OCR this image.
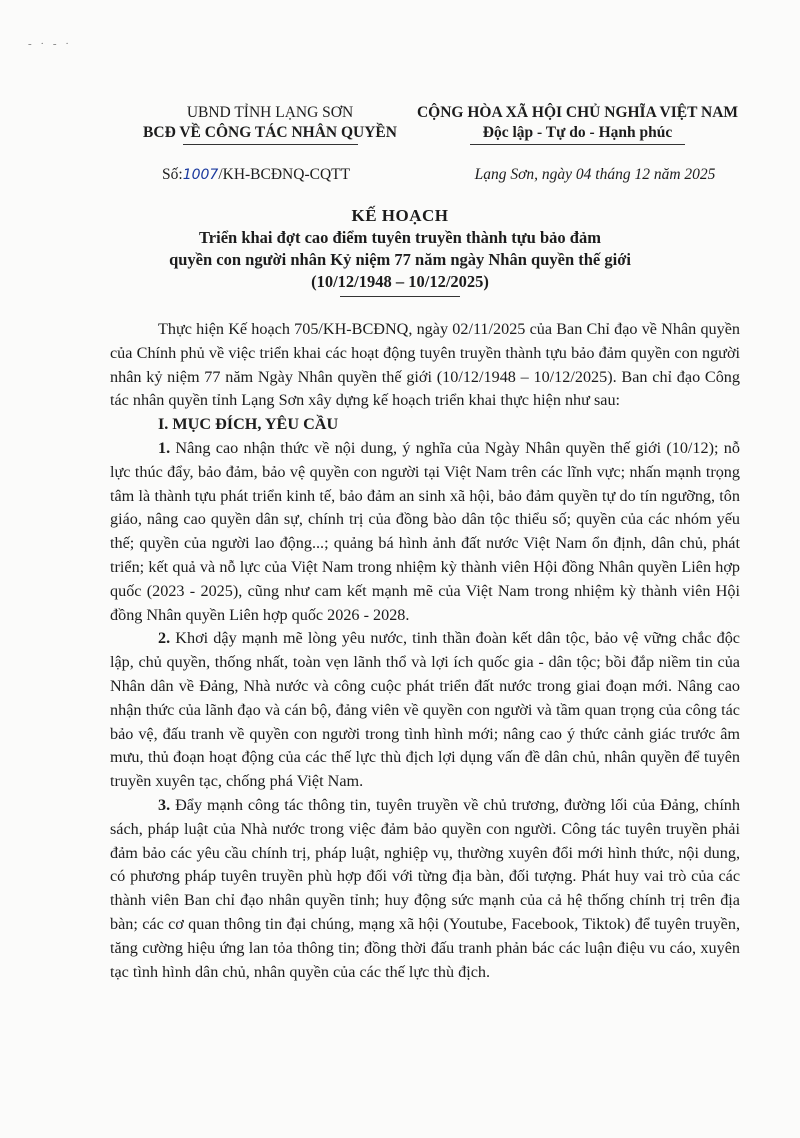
- · - ·
UBND TỈNH LẠNG SƠN
BCĐ VỀ CÔNG TÁC NHÂN QUYỀN
CỘNG HÒA XÃ HỘI CHỦ NGHĨA VIỆT NAM
Độc lập - Tự do - Hạnh phúc
Số:1007/KH-BCĐNQ-CQTT	Lạng Sơn, ngày 04 tháng 12 năm 2025
KẾ HOẠCH
Triển khai đợt cao điểm tuyên truyền thành tựu bảo đảm
quyền con người nhân Kỷ niệm 77 năm ngày Nhân quyền thế giới
(10/12/1948 – 10/12/2025)

Thực hiện Kế hoạch 705/KH-BCĐNQ, ngày 02/11/2025 của Ban Chỉ đạo về Nhân quyền của Chính phủ về việc triển khai các hoạt động tuyên truyền thành tựu bảo đảm quyền con người nhân kỷ niệm 77 năm Ngày Nhân quyền thế giới (10/12/1948 – 10/12/2025). Ban chỉ đạo Công tác nhân quyền tỉnh Lạng Sơn xây dựng kế hoạch triển khai thực hiện như sau:

I. MỤC ĐÍCH, YÊU CẦU

1. Nâng cao nhận thức về nội dung, ý nghĩa của Ngày Nhân quyền thế giới (10/12); nỗ lực thúc đẩy, bảo đảm, bảo vệ quyền con người tại Việt Nam trên các lĩnh vực; nhấn mạnh trọng tâm là thành tựu phát triển kinh tế, bảo đảm an sinh xã hội, bảo đảm quyền tự do tín ngưỡng, tôn giáo, nâng cao quyền dân sự, chính trị của đồng bào dân tộc thiểu số; quyền của các nhóm yếu thế; quyền của người lao động...; quảng bá hình ảnh đất nước Việt Nam ổn định, dân chủ, phát triển; kết quả và nỗ lực của Việt Nam trong nhiệm kỳ thành viên Hội đồng Nhân quyền Liên hợp quốc (2023 - 2025), cũng như cam kết mạnh mẽ của Việt Nam trong nhiệm kỳ thành viên Hội đồng Nhân quyền Liên hợp quốc 2026 - 2028.

2. Khơi dậy mạnh mẽ lòng yêu nước, tinh thần đoàn kết dân tộc, bảo vệ vững chắc độc lập, chủ quyền, thống nhất, toàn vẹn lãnh thổ và lợi ích quốc gia - dân tộc; bồi đắp niềm tin của Nhân dân về Đảng, Nhà nước và công cuộc phát triển đất nước trong giai đoạn mới. Nâng cao nhận thức của lãnh đạo và cán bộ, đảng viên về quyền con người và tầm quan trọng của công tác bảo vệ, đấu tranh về quyền con người trong tình hình mới; nâng cao ý thức cảnh giác trước âm mưu, thủ đoạn hoạt động của các thế lực thù địch lợi dụng vấn đề dân chủ, nhân quyền để tuyên truyền xuyên tạc, chống phá Việt Nam.

3. Đẩy mạnh công tác thông tin, tuyên truyền về chủ trương, đường lối của Đảng, chính sách, pháp luật của Nhà nước trong việc đảm bảo quyền con người. Công tác tuyên truyền phải đảm bảo các yêu cầu chính trị, pháp luật, nghiệp vụ, thường xuyên đổi mới hình thức, nội dung, có phương pháp tuyên truyền phù hợp đối với từng địa bàn, đối tượng. Phát huy vai trò của các thành viên Ban chỉ đạo nhân quyền tỉnh; huy động sức mạnh của cả hệ thống chính trị trên địa bàn; các cơ quan thông tin đại chúng, mạng xã hội (Youtube, Facebook, Tiktok) để tuyên truyền, tăng cường hiệu ứng lan tỏa thông tin; đồng thời đấu tranh phản bác các luận điệu vu cáo, xuyên tạc tình hình dân chủ, nhân quyền của các thế lực thù địch.
